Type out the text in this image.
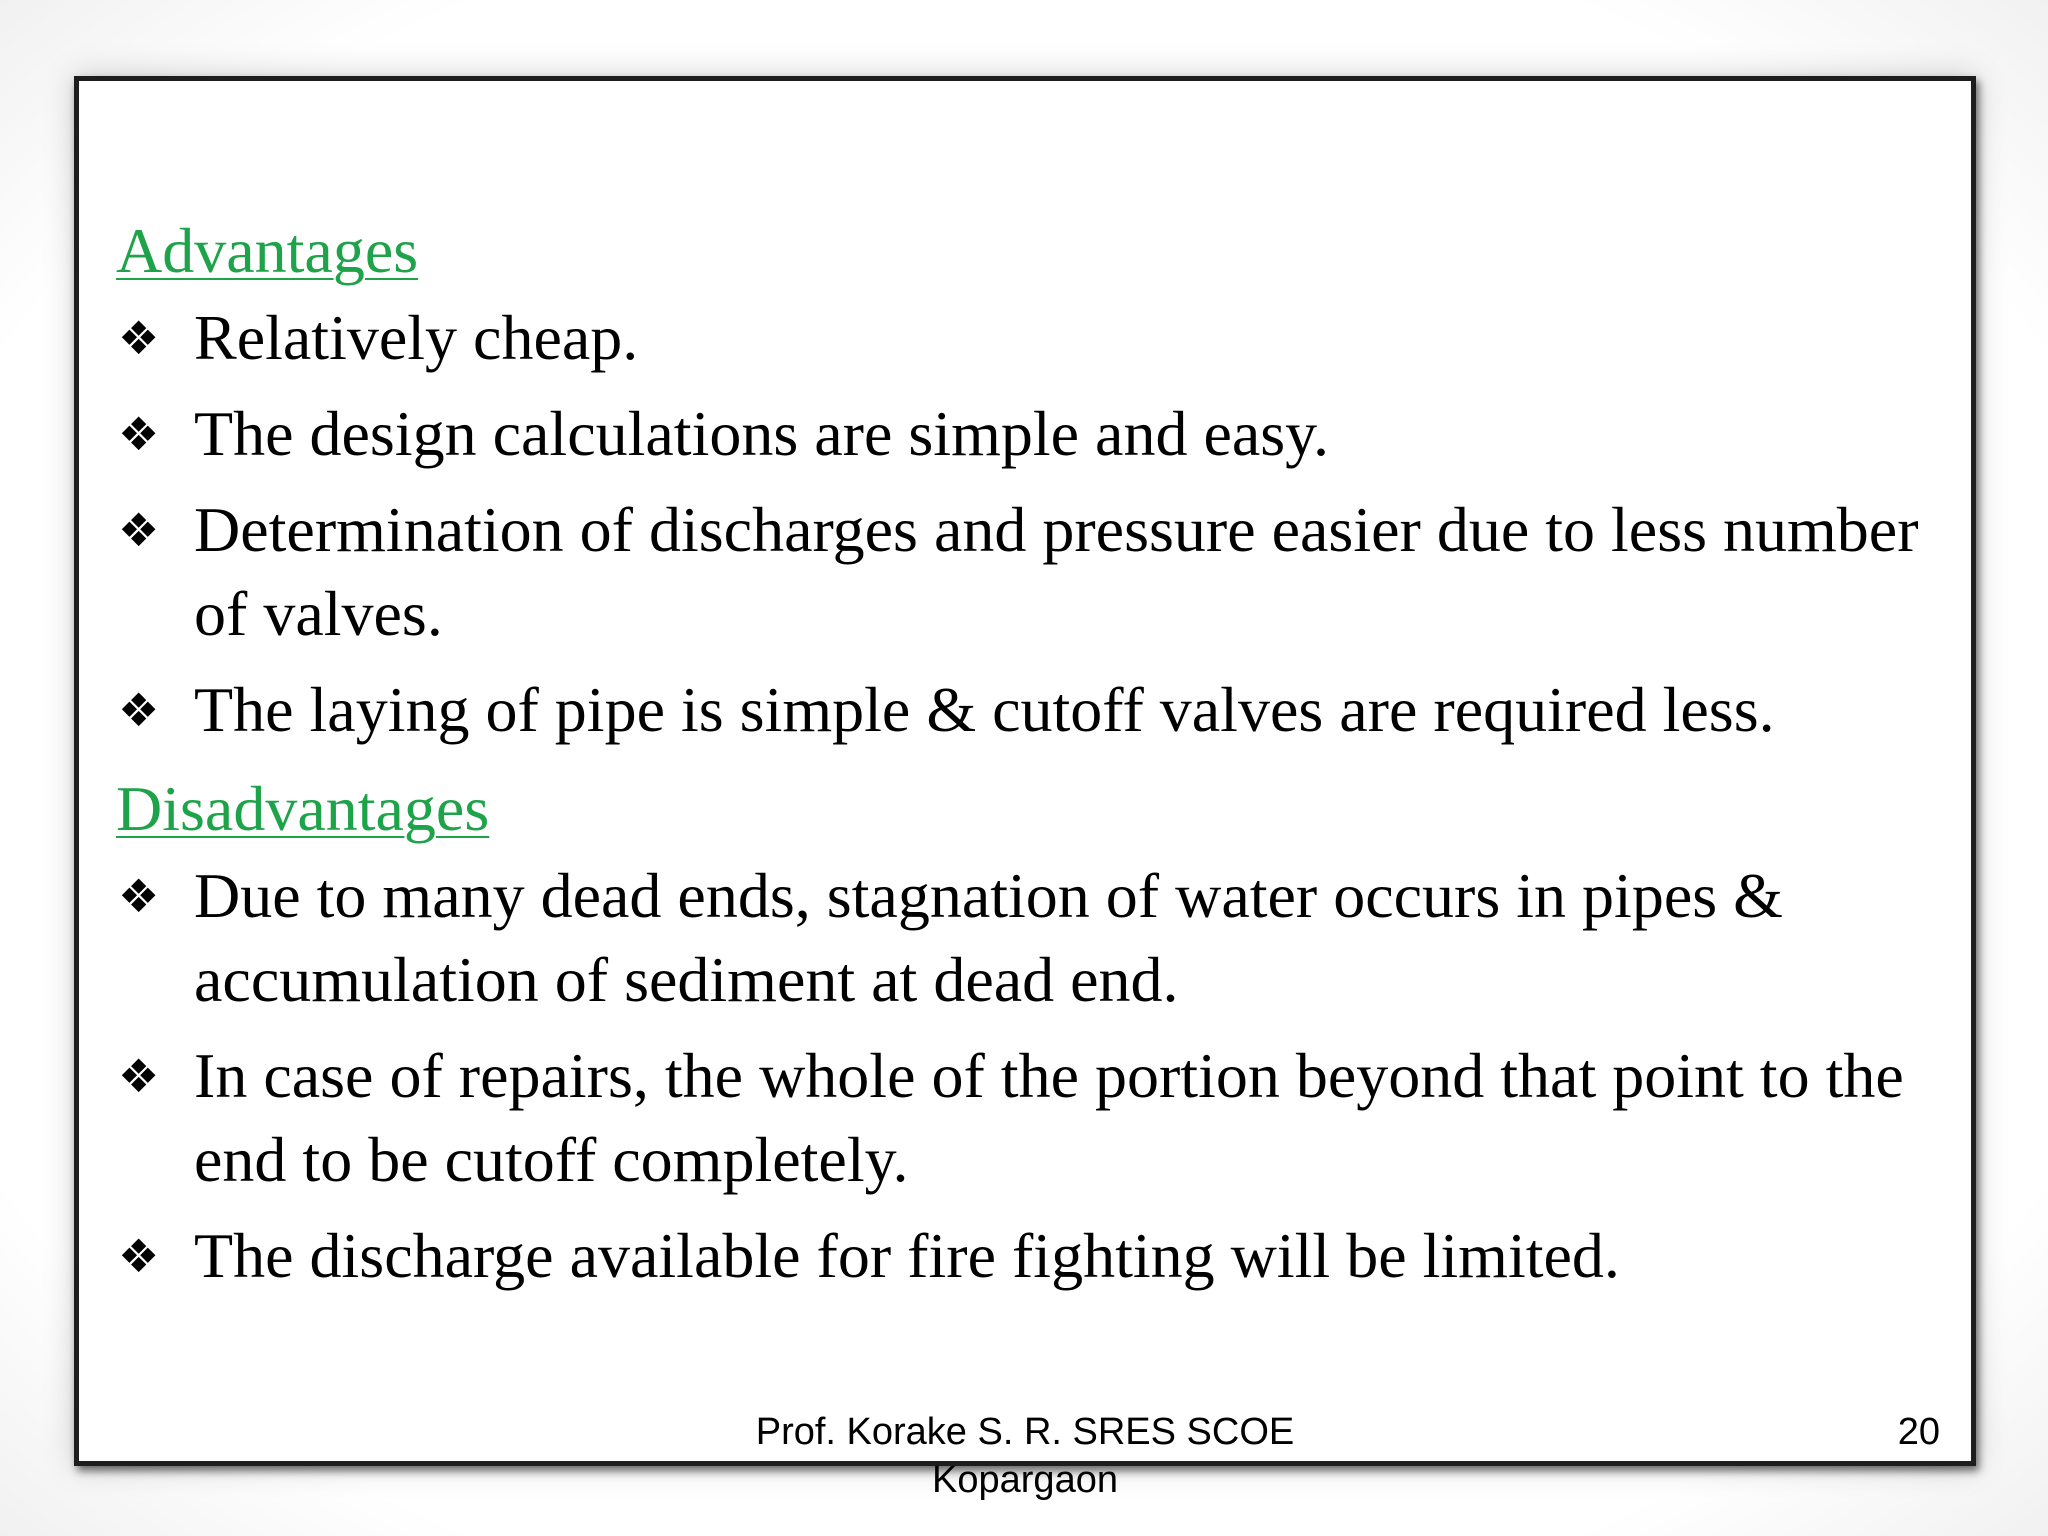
Advantages

❖ Relatively cheap.
❖ The design calculations are simple and easy.
❖ Determination of discharges and pressure easier due to less number of valves.
❖ The laying of pipe is simple & cutoff valves are required less.

Disadvantages

❖ Due to many dead ends, stagnation of water occurs in pipes & accumulation of sediment at dead end.
❖ In case of repairs, the whole of the portion beyond that point to the end to be cutoff completely.
❖ The discharge available for fire fighting will be limited.
Prof. Korake S. R. SRES SCOE
Kopargaon
20
